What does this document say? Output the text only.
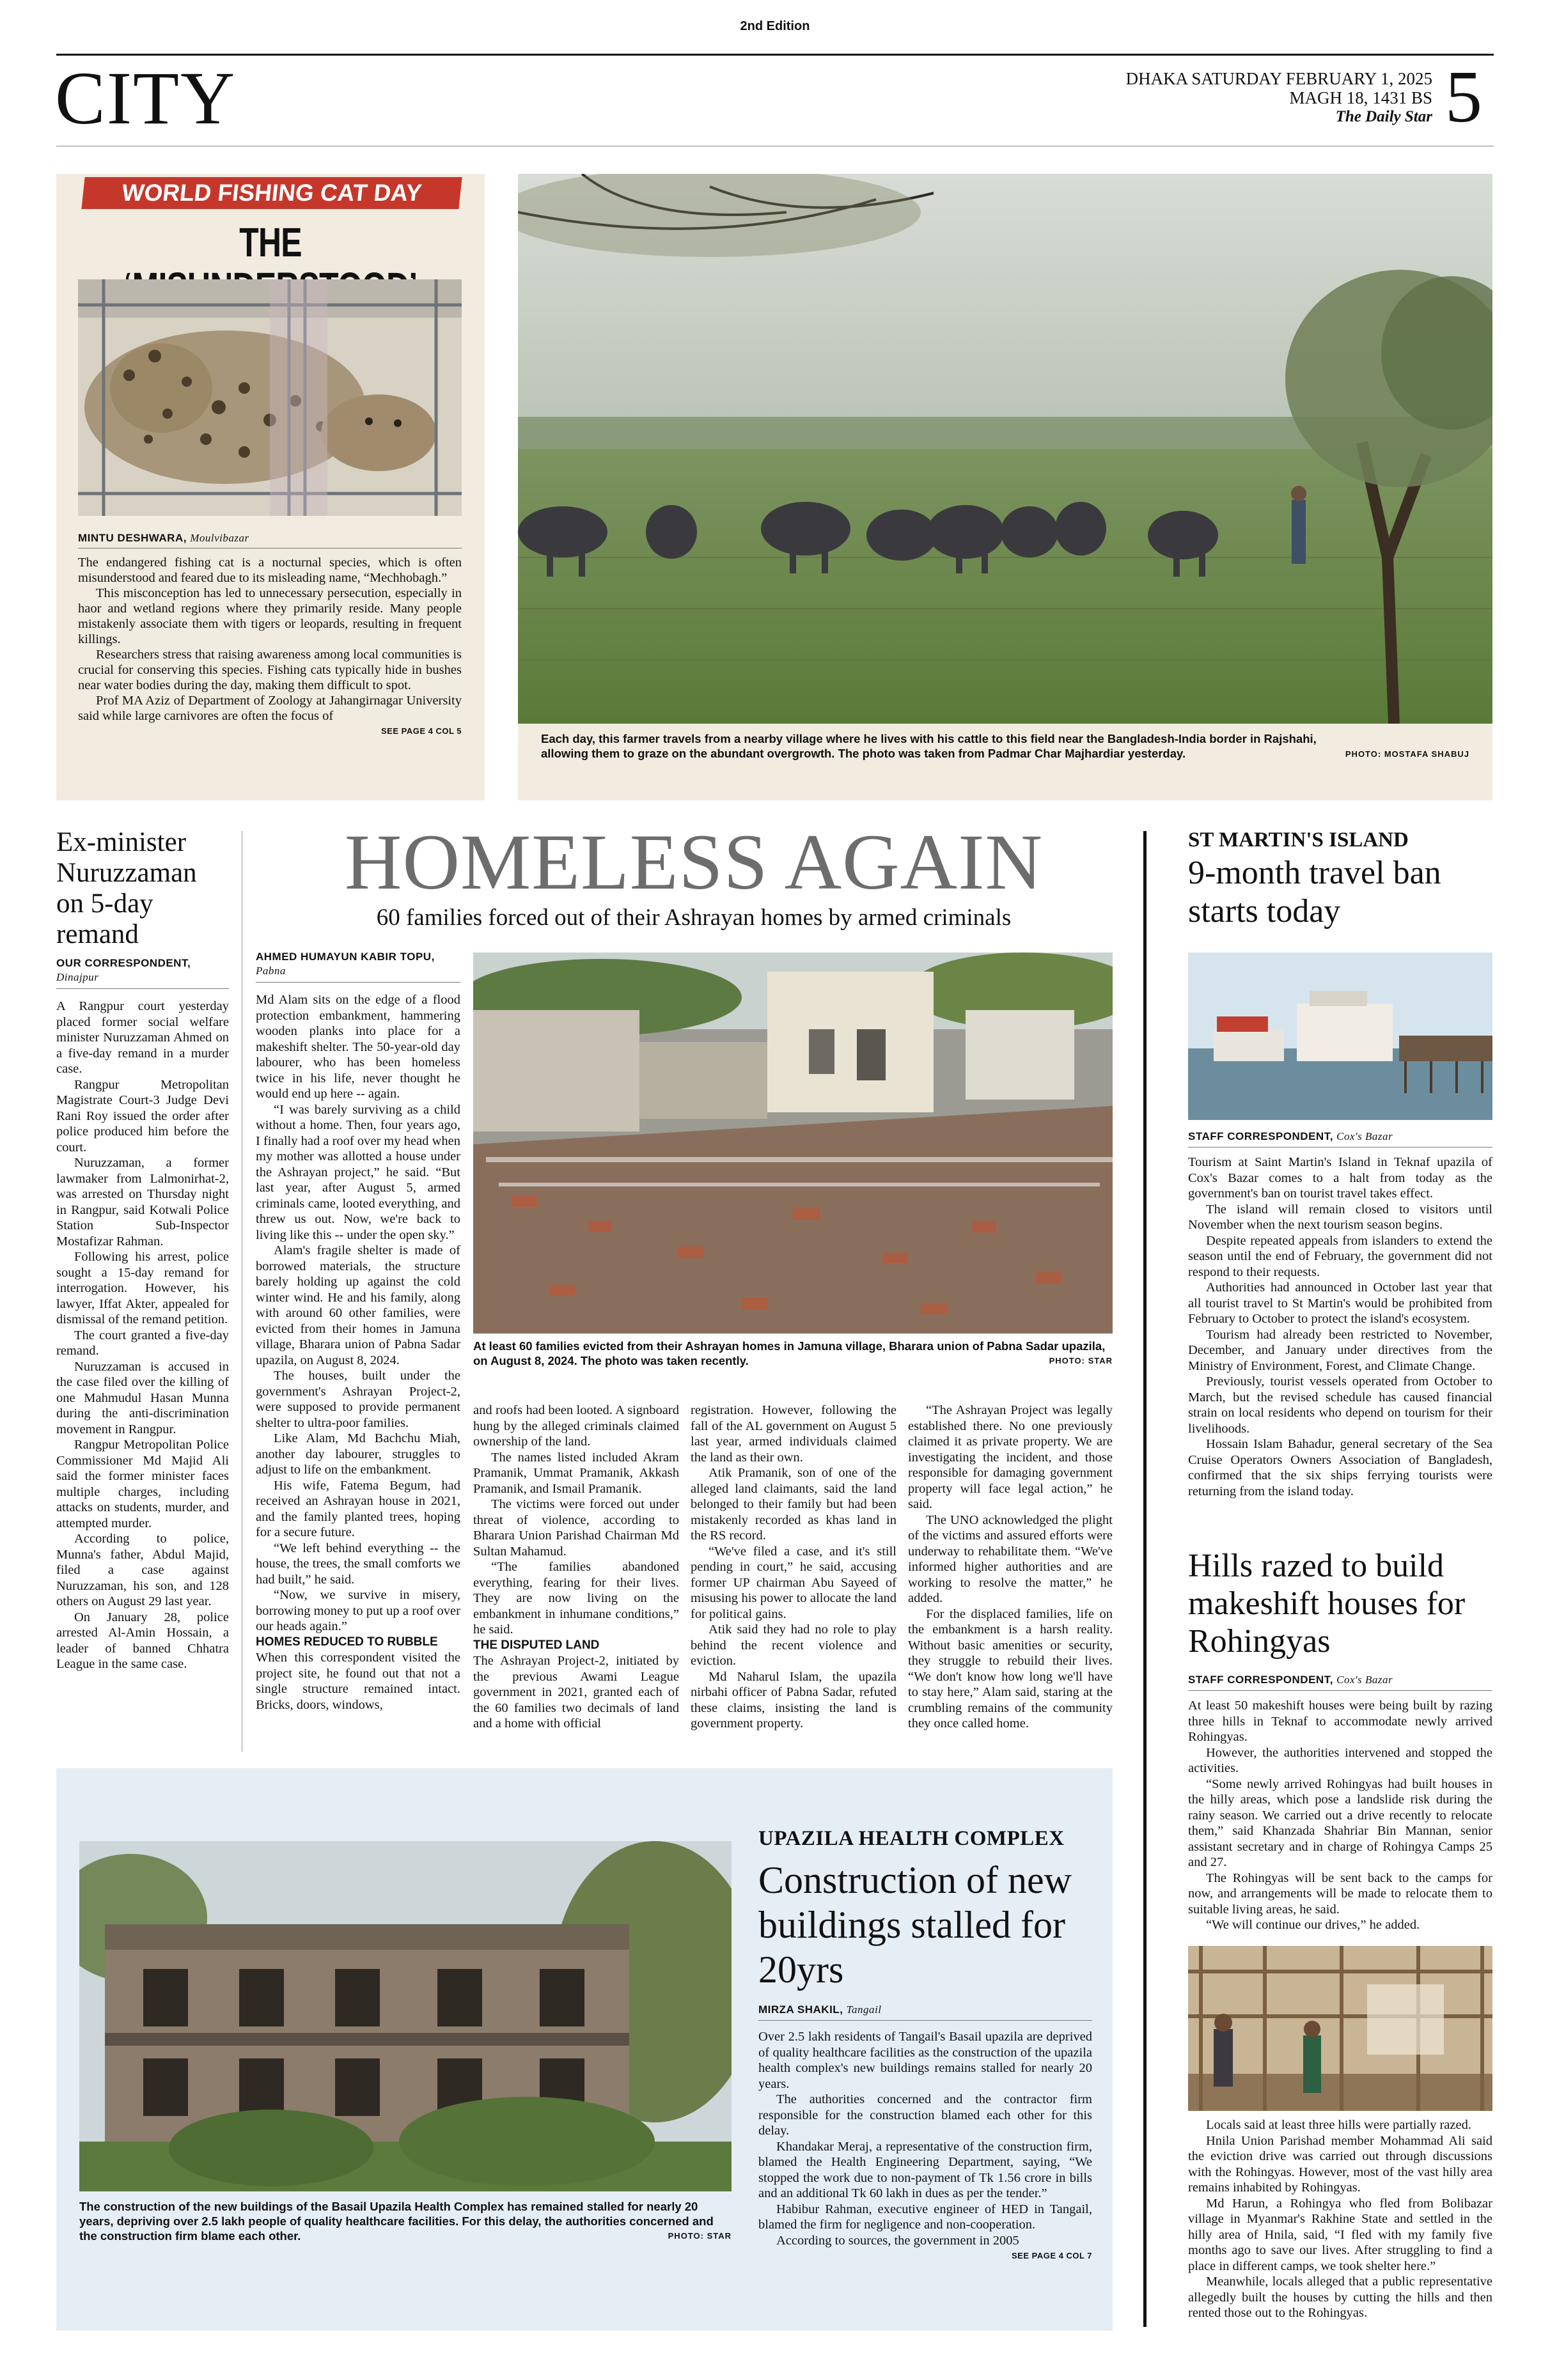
2nd Edition
CITY	DHAKA SATURDAY FEBRUARY 1, 2025
MAGH 18, 1431 BS
The Daily Star 5
WORLD FISHING CAT DAY
THE
MINTU DESHWARA, Moulvibazar

The endangered fishing cat is a nocturnal species, which is often misunderstood and feared due to its misleading name, “Mechhobagh.”

This misconception has led to unnecessary persecution, especially in haor and wetland regions where they primarily reside. Many people mistakenly associate them with tigers or leopards, resulting in frequent killings.

Researchers stress that raising awareness among local communities is crucial for conserving this species. Fishing cats typically hide in bushes near water bodies during the day, making them difficult to spot.

Prof MA Aziz of Department of Zoology at Jahangirnagar University said while large carnivores are often the focus of

SEE PAGE 4 COL 5
PHOTO: MOSTAFA SHABUJ
Each day, this farmer travels from a nearby village where he lives with his cattle to this field near the Bangladesh-India border in Rajshahi, allowing them to graze on the abundant overgrowth. The photo was taken from Padmar Char Majhardiar yesterday.
Ex-minister Nuruzzaman on 5-day remand
OUR CORRESPONDENT,
Dinajpur

A Rangpur court yesterday placed former social welfare minister Nuruzzaman Ahmed on a five-day remand in a murder case.

Rangpur Metropolitan Magistrate Court-3 Judge Devi Rani Roy issued the order after police produced him before the court.

Nuruzzaman, a former lawmaker from Lalmonirhat-2, was arrested on Thursday night in Rangpur, said Kotwali Police Station Sub-Inspector Mostafizar Rahman.

Following his arrest, police sought a 15-day remand for interrogation. However, his lawyer, Iffat Akter, appealed for dismissal of the remand petition.

The court granted a five-day remand.

Nuruzzaman is accused in the case filed over the killing of one Mahmudul Hasan Munna during the anti-discrimination movement in Rangpur.

Rangpur Metropolitan Police Commissioner Md Majid Ali said the former minister faces multiple charges, including attacks on students, murder, and attempted murder.

According to police, Munna's father, Abdul Majid, filed a case against Nuruzzaman, his son, and 128 others on August 29 last year.

On January 28, police arrested Al-Amin Hossain, a leader of banned Chhatra League in the same case.

HOMELESS AGAIN
60 families forced out of their Ashrayan homes by armed criminals
AHMED HUMAYUN KABIR TOPU,
Pabna

Md Alam sits on the edge of a flood protection embankment, hammering wooden planks into place for a makeshift shelter. The 50-year-old day labourer, who has been homeless twice in his life, never thought he would end up here -- again.

“I was barely surviving as a child without a home. Then, four years ago, I finally had a roof over my head when my mother was allotted a house under the Ashrayan project,” he said. “But last year, after August 5, armed criminals came, looted everything, and threw us out. Now, we're back to living like this -- under the open sky.”

Alam's fragile shelter is made of borrowed materials, the structure barely holding up against the cold winter wind. He and his family, along with around 60 other families, were evicted from their homes in Jamuna village, Bharara union of Pabna Sadar upazila, on August 8, 2024.

The houses, built under the government's Ashrayan Project-2, were supposed to provide permanent shelter to ultra-poor families.

Like Alam, Md Bachchu Miah, another day labourer, struggles to adjust to life on the embankment.

His wife, Fatema Begum, had received an Ashrayan house in 2021, and the family planted trees, hoping for a secure future.

“We left behind everything -- the house, the trees, the small comforts we had built,” he said.

“Now, we survive in misery, borrowing money to put up a roof over our heads again.”

HOMES REDUCED TO RUBBLE

When this correspondent visited the project site, he found out that not a single structure remained intact. Bricks, doors, windows,

At least 60 families evicted from their Ashrayan homes in Jamuna village, Bharara union of Pabna Sadar upazila, on August 8, 2024. The photo was taken recently.	PHOTO: STAR

and roofs had been looted. A signboard hung by the alleged criminals claimed ownership of the land.

The names listed included Akram Pramanik, Ummat Pramanik, Akkash Pramanik, and Ismail Pramanik.

The victims were forced out under threat of violence, according to Bharara Union Parishad Chairman Md Sultan Mahamud.

“The families abandoned everything, fearing for their lives. They are now living on the embankment in inhumane conditions,” he said.

THE DISPUTED LAND

The Ashrayan Project-2, initiated by the previous Awami League government in 2021, granted each of the 60 families two decimals of land and a home with official

registration. However, following the fall of the AL government on August 5 last year, armed individuals claimed the land as their own.

Atik Pramanik, son of one of the alleged land claimants, said the land belonged to their family but had been mistakenly recorded as khas land in the RS record.

“We've filed a case, and it's still pending in court,” he said, accusing former UP chairman Abu Sayeed of misusing his power to allocate the land for political gains.

Atik said they had no role to play behind the recent violence and eviction.

Md Naharul Islam, the upazila nirbahi officer of Pabna Sadar, refuted these claims, insisting the land is government property.

“The Ashrayan Project was legally established there. No one previously claimed it as private property. We are investigating the incident, and those responsible for damaging government property will face legal action,” he said.

The UNO acknowledged the plight of the victims and assured efforts were underway to rehabilitate them. “We've informed higher authorities and are working to resolve the matter,” he added.

For the displaced families, life on the embankment is a harsh reality. Without basic amenities or security, they struggle to rebuild their lives. “We don't know how long we'll have to stay here,” Alam said, staring at the crumbling remains of the community they once called home.

ST MARTIN'S ISLAND
9-month travel ban starts today
STAFF CORRESPONDENT, Cox's Bazar

Tourism at Saint Martin's Island in Teknaf upazila of Cox's Bazar comes to a halt from today as the government's ban on tourist travel takes effect.

The island will remain closed to visitors until November when the next tourism season begins.

Despite repeated appeals from islanders to extend the season until the end of February, the government did not respond to their requests.

Authorities had announced in October last year that all tourist travel to St Martin's would be prohibited from February to October to protect the island's ecosystem.

Tourism had already been restricted to November, December, and January under directives from the Ministry of Environment, Forest, and Climate Change.

Previously, tourist vessels operated from October to March, but the revised schedule has caused financial strain on local residents who depend on tourism for their livelihoods.

Hossain Islam Bahadur, general secretary of the Sea Cruise Operators Owners Association of Bangladesh, confirmed that the six ships ferrying tourists were returning from the island today.

Hills razed to build makeshift houses for Rohingyas
STAFF CORRESPONDENT, Cox's Bazar

At least 50 makeshift houses were being built by razing three hills in Teknaf to accommodate newly arrived Rohingyas.

However, the authorities intervened and stopped the activities.

“Some newly arrived Rohingyas had built houses in the hilly areas, which pose a landslide risk during the rainy season. We carried out a drive recently to relocate them,” said Khanzada Shahriar Bin Mannan, senior assistant secretary and in charge of Rohingya Camps 25 and 27.

The Rohingyas will be sent back to the camps for now, and arrangements will be made to relocate them to suitable living areas, he said.

“We will continue our drives,” he added.

Locals said at least three hills were partially razed.

Hnila Union Parishad member Mohammad Ali said the eviction drive was carried out through discussions with the Rohingyas. However, most of the vast hilly area remains inhabited by Rohingyas.

Md Harun, a Rohingya who fled from Bolibazar village in Myanmar's Rakhine State and settled in the hilly area of Hnila, said, “I fled with my family five months ago to save our lives. After struggling to find a place in different camps, we took shelter here.”

Meanwhile, locals alleged that a public representative allegedly built the houses by cutting the hills and then rented those out to the Rohingyas.

The construction of the new buildings of the Basail Upazila Health Complex has remained stalled for nearly 20 years, depriving over 2.5 lakh people of quality healthcare facilities. For this delay, the authorities concerned and the construction firm blame each other.	PHOTO: STAR
UPAZILA HEALTH COMPLEX
Construction of new buildings stalled for 20yrs
MIRZA SHAKIL, Tangail

Over 2.5 lakh residents of Tangail's Basail upazila are deprived of quality healthcare facilities as the construction of the upazila health complex's new buildings remains stalled for nearly 20 years.

The authorities concerned and the contractor firm responsible for the construction blamed each other for this delay.

Khandakar Meraj, a representative of the construction firm, blamed the Health Engineering Department, saying, “We stopped the work due to non-payment of Tk 1.56 crore in bills and an additional Tk 60 lakh in dues as per the tender.”

Habibur Rahman, executive engineer of HED in Tangail, blamed the firm for negligence and non-cooperation.

According to sources, the government in 2005

SEE PAGE 4 COL 7
